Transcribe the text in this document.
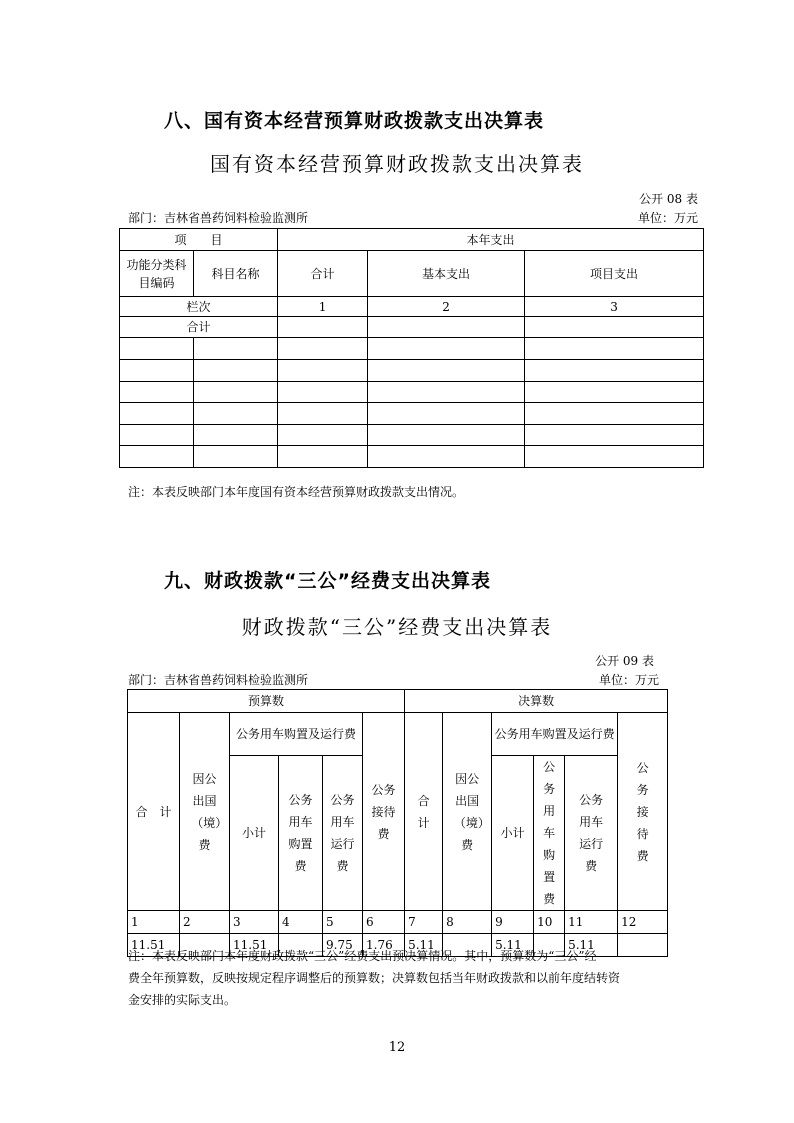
八、国有资本经营预算财政拨款支出决算表
国有资本经营预算财政拨款支出决算表
公开 08 表
部门：吉林省兽药饲料检验监测所	单位：万元
项　　目		本年支出		
功能分类科目编码	科目名称	合计	基本支出	项目支出
栏次		1	2	3
合计				

注：本表反映部门本年度国有资本经营预算财政拨款支出情况。
九、财政拨款“三公”经费支出决算表
财政拨款“三公”经费支出决算表
公开 09 表
部门：吉林省兽药饲料检验监测所	单位：万元
预算数						决算数					
合　计	因公出国（境）费	公务用车购置及运行费			公务接待费	合计	因公出国（境）费	公务用车购置及运行费			公务接待费
		小计	公务用车购置费	公务用车运行费				小计	公务用车购置费	公务用车运行费	
1	2	3	4	5	6	7	8	9	10	11	12
11.51		11.51		9.75	1.76	5.11		5.11		5.11	
注：本表反映部门本年度财政拨款“三公”经费支出预决算情况。其中，预算数为“三公”经
费全年预算数，反映按规定程序调整后的预算数；决算数包括当年财政拨款和以前年度结转资
金安排的实际支出。
12
